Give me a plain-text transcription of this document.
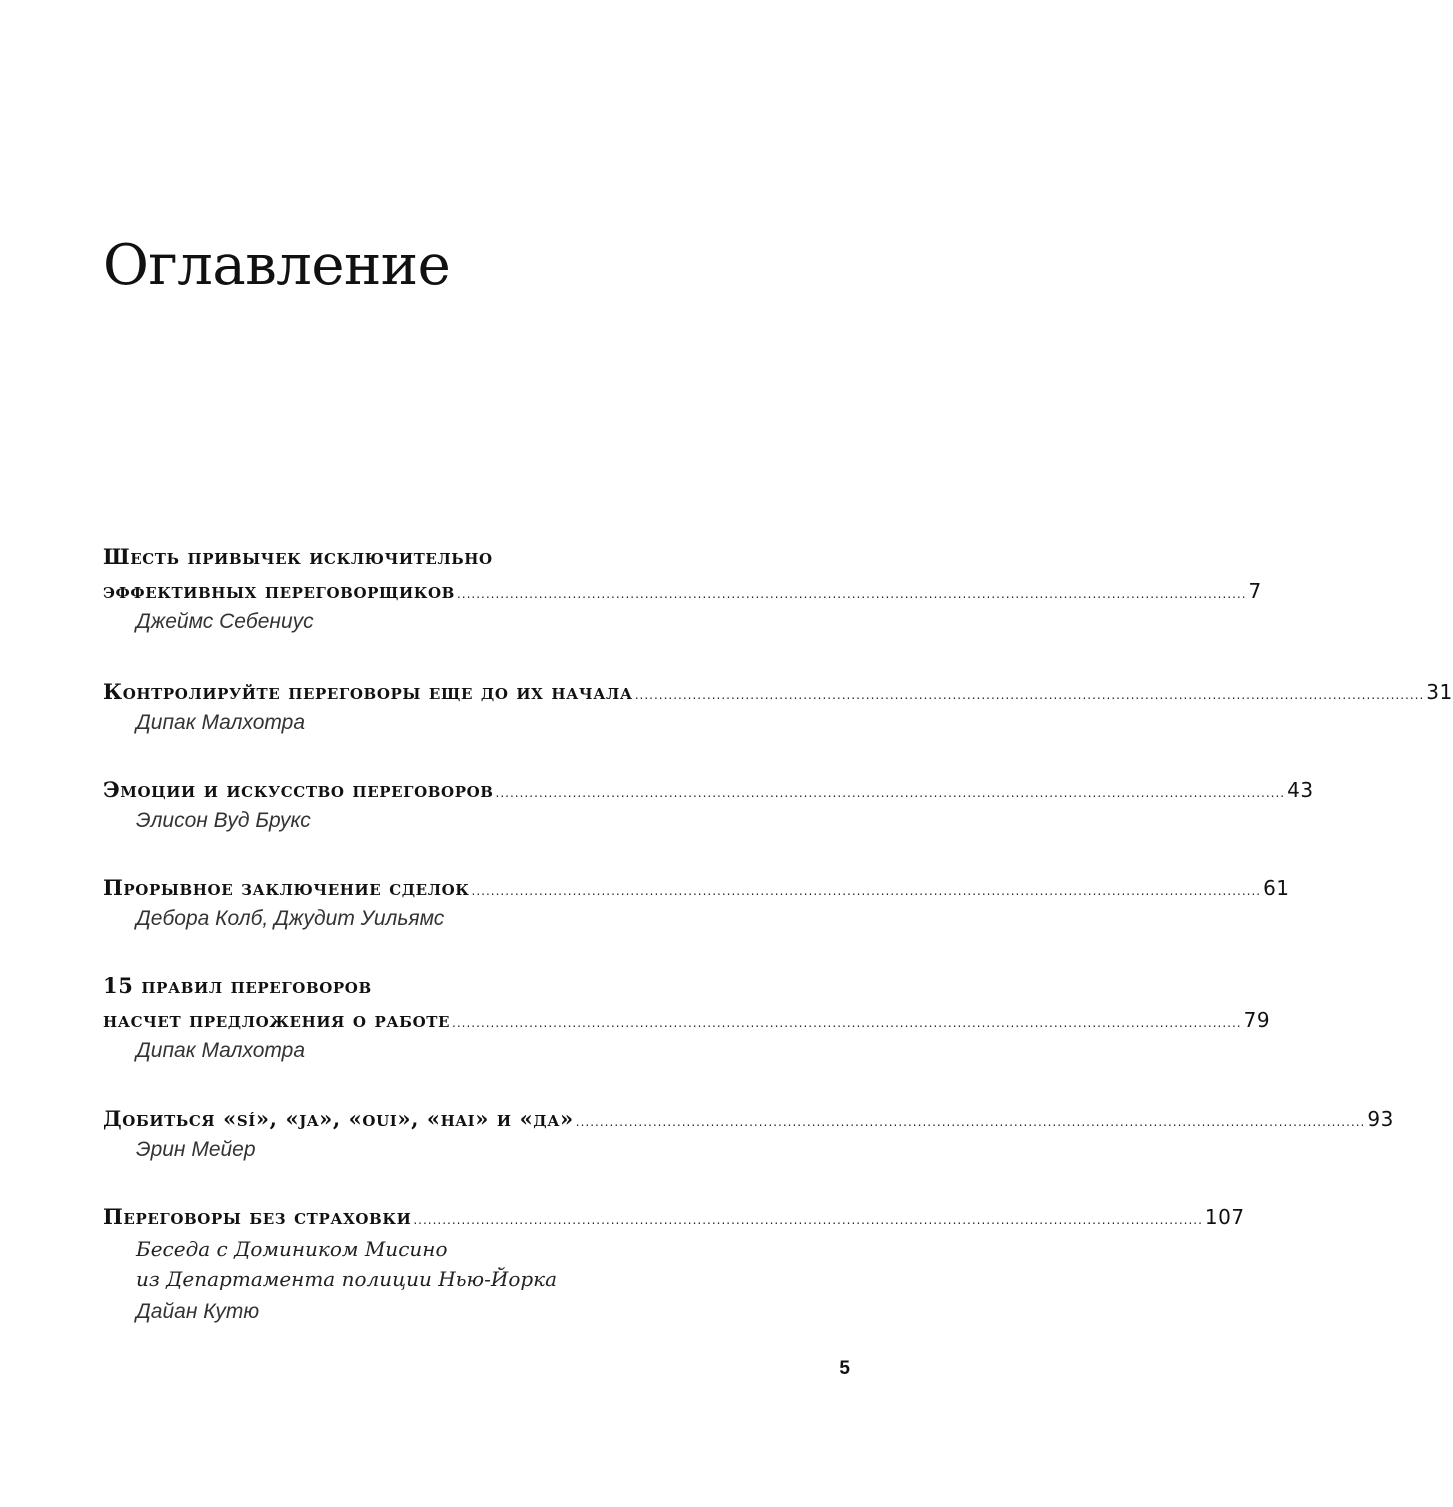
Оглавление
Шесть привычек исключительно
эффективных переговорщиков .................................................................................................................................................................... 7
Джеймс Себениус
Контролируйте переговоры еще до их начала .................................................................................................................................................................... 31
Дипак Малхотра
Эмоции и искусство переговоров .................................................................................................................................................................... 43
Элисон Вуд Брукс
Прорывное заключение сделок .................................................................................................................................................................... 61
Дебора Колб, Джудит Уильямс
15 правил переговоров
насчет предложения о работе .................................................................................................................................................................... 79
Дипак Малхотра
Добиться «sí», «ja», «oui», «hai» и «да» .................................................................................................................................................................... 93
Эрин Мейер
Переговоры без страховки .................................................................................................................................................................... 107
Беседа с Домиником Мисино
из Департамента полиции Нью-Йорка
Дайан Кутю
5
